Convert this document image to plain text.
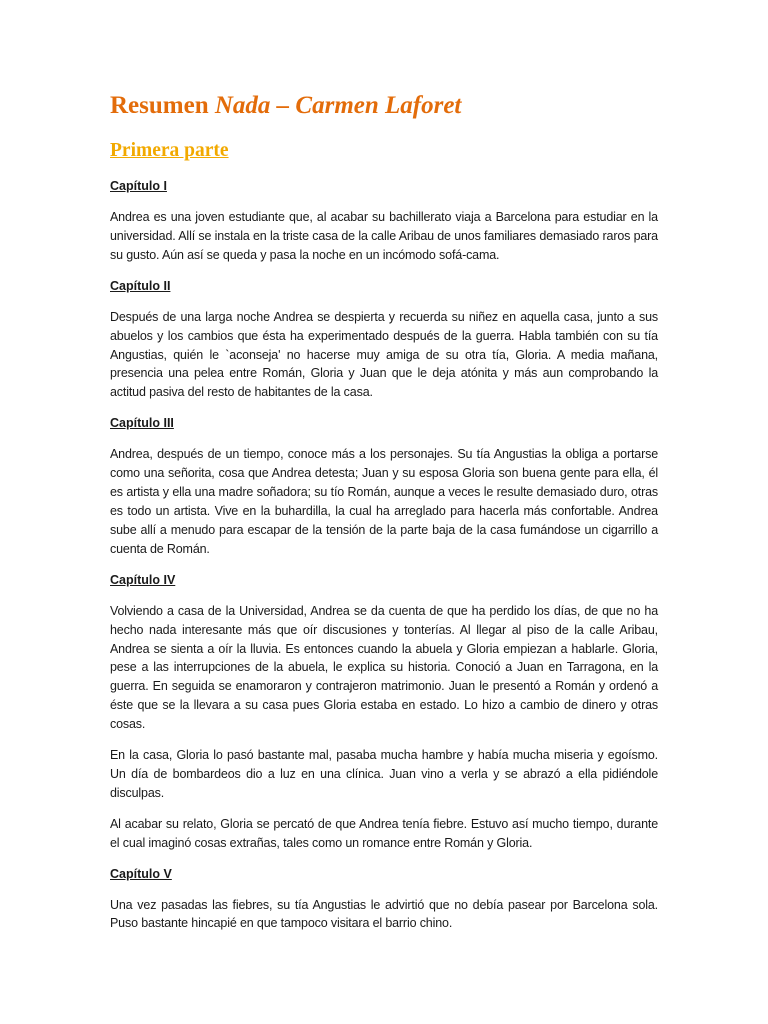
Resumen Nada – Carmen Laforet
Primera parte
Capítulo I

Andrea es una joven estudiante que, al acabar su bachillerato viaja a Barcelona para estudiar en la universidad. Allí se instala en la triste casa de la calle Aribau de unos familiares demasiado raros para su gusto. Aún así se queda y pasa la noche en un incómodo sofá-cama.

Capítulo II

Después de una larga noche Andrea se despierta y recuerda su niñez en aquella casa, junto a sus abuelos y los cambios que ésta ha experimentado después de la guerra. Habla también con su tía Angustias, quién le `aconseja' no hacerse muy amiga de su otra tía, Gloria. A media mañana, presencia una pelea entre Román, Gloria y Juan que le deja atónita y más aun comprobando la actitud pasiva del resto de habitantes de la casa.

Capítulo III

Andrea, después de un tiempo, conoce más a los personajes. Su tía Angustias la obliga a portarse como una señorita, cosa que Andrea detesta; Juan y su esposa Gloria son buena gente para ella, él es artista y ella una madre soñadora; su tío Román, aunque a veces le resulte demasiado duro, otras es todo un artista. Vive en la buhardilla, la cual ha arreglado para hacerla más confortable. Andrea sube allí a menudo para escapar de la tensión de la parte baja de la casa fumándose un cigarrillo a cuenta de Román.

Capítulo IV

Volviendo a casa de la Universidad, Andrea se da cuenta de que ha perdido los días, de que no ha hecho nada interesante más que oír discusiones y tonterías. Al llegar al piso de la calle Aribau, Andrea se sienta a oír la lluvia. Es entonces cuando la abuela y Gloria empiezan a hablarle. Gloria, pese a las interrupciones de la abuela, le explica su historia. Conoció a Juan en Tarragona, en la guerra. En seguida se enamoraron y contrajeron matrimonio. Juan le presentó a Román y ordenó a éste que se la llevara a su casa pues Gloria estaba en estado. Lo hizo a cambio de dinero y otras cosas.

En la casa, Gloria lo pasó bastante mal, pasaba mucha hambre y había mucha miseria y egoísmo. Un día de bombardeos dio a luz en una clínica. Juan vino a verla y se abrazó a ella pidiéndole disculpas.

Al acabar su relato, Gloria se percató de que Andrea tenía fiebre. Estuvo así mucho tiempo, durante el cual imaginó cosas extrañas, tales como un romance entre Román y Gloria.

Capítulo V

Una vez pasadas las fiebres, su tía Angustias le advirtió que no debía pasear por Barcelona sola. Puso bastante hincapié en que tampoco visitara el barrio chino.
